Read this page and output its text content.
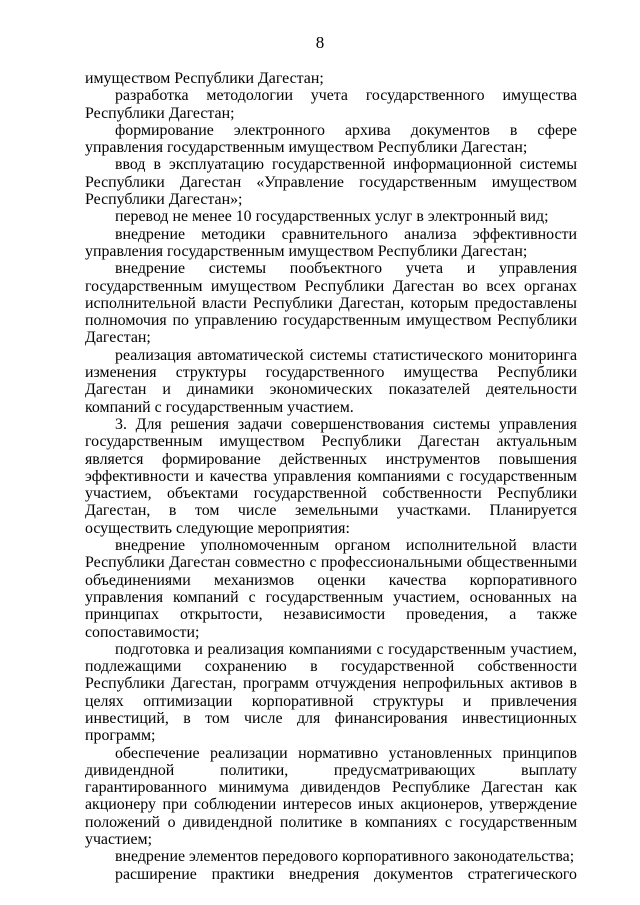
8

имуществом Республики Дагестан;

разработка методологии учета государственного имущества Республики Дагестан;

формирование электронного архива документов в сфере управления государственным имуществом Республики Дагестан;

ввод в эксплуатацию государственной информационной системы Республики Дагестан «Управление государственным имуществом Республики Дагестан»;

перевод не менее 10 государственных услуг в электронный вид;

внедрение методики сравнительного анализа эффективности управления государственным имуществом Республики Дагестан;

внедрение системы пообъектного учета и управления государственным имуществом Республики Дагестан во всех органах исполнительной власти Республики Дагестан, которым предоставлены полномочия по управлению государственным имуществом Республики Дагестан;

реализация автоматической системы статистического мониторинга изменения структуры государственного имущества Республики Дагестан и динамики экономических показателей деятельности компаний с государственным участием.

3. Для решения задачи совершенствования системы управления государственным имуществом Республики Дагестан актуальным является формирование действенных инструментов повышения эффективности и качества управления компаниями с государственным участием, объектами государственной собственности Республики Дагестан, в том числе земельными участками. Планируется осуществить следующие мероприятия:

внедрение уполномоченным органом исполнительной власти Республики Дагестан совместно с профессиональными общественными объединениями механизмов оценки качества корпоративного управления компаний с государственным участием, основанных на принципах открытости, независимости проведения, а также сопоставимости;

подготовка и реализация компаниями с государственным участием, подлежащими сохранению в государственной собственности Республики Дагестан, программ отчуждения непрофильных активов в целях оптимизации корпоративной структуры и привлечения инвестиций, в том числе для финансирования инвестиционных программ;

обеспечение реализации нормативно установленных принципов дивидендной политики, предусматривающих выплату гарантированного минимума дивидендов Республике Дагестан как акционеру при соблюдении интересов иных акционеров, утверждение положений о дивидендной политике в компаниях с государственным участием;

внедрение элементов передового корпоративного законодательства;

расширение практики внедрения документов стратегического
